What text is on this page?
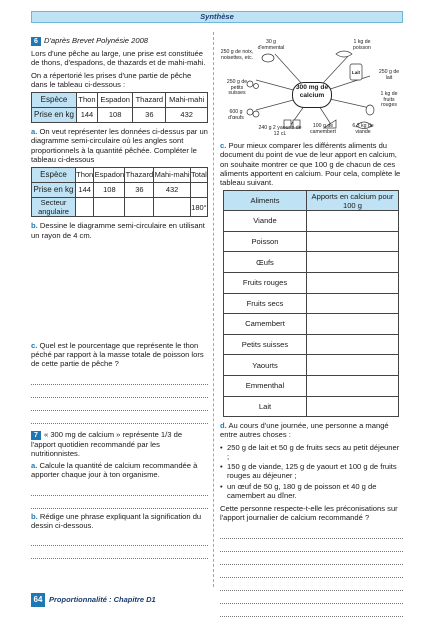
Synthèse

6 D'après Brevet Polynésie 2008

Lors d'une pêche au large, une prise est constituée de thons, d'espadons, de thazards et de mahi-mahi.

On a répertorié les prises d'une partie de pêche dans le tableau ci-dessous :

Espèce	Thon	Espadon	Thazard	Mahi-mahi
Prise en kg	144	108	36	432

a. On veut représenter les données ci-dessus par un diagramme semi-circulaire où les angles sont proportionnels à la quantité pêchée. Compléter le tableau ci-dessous

Espèce	Thon	Espadon	Thazard	Mahi-mahi	Total
Prise en kg	144	108	36	432	
Secteur angulaire					180°

b. Dessine le diagramme semi-circulaire en utilisant un rayon de 4 cm.

c. Quel est le pourcentage que représente le thon péché par rapport à la masse totale de poisson lors de cette partie de pêche ?

7 « 300 mg de calcium » représente 1/3 de l'apport quotidien recommandé par les nutritionnistes.

a. Calcule la quantité de calcium recommandée à apporter chaque jour à ton organisme.

b. Rédige une phrase expliquant la signification du dessin ci-dessous.

300 mg de calcium
30 g d'emmental
1 kg de poisson
250 g de noix, noisettes, etc.
250 g de petits suisses
250 g de lait
1 kg de fruits rouges
600 g d'œufs
240 g 2 yaourts de 12 cL
100 g de camembert
6,3 kg de viande
Lait

c. Pour mieux comparer les différents aliments du document du point de vue de leur apport en calcium, on souhaite montrer ce que 100 g de chacun de ces aliments apportent en calcium. Pour cela, complète le tableau suivant.

Aliments	Apports en calcium pour 100 g
Viande	
Poisson	
Œufs	
Fruits rouges	
Fruits secs	
Camembert	
Petits suisses	
Yaourts	
Emmenthal	
Lait	

d. Au cours d'une journée, une personne a mangé entre autres choses :

• 250 g de lait et 50 g de fruits secs au petit déjeuner ;
• 150 g de viande, 125 g de yaourt et 100 g de fruits rouges au déjeuner ;
• un œuf de 50 g, 180 g de poisson et 40 g de camembert au dîner.

Cette personne respecte-t-elle les préconisations sur l'apport journalier de calcium recommandé ?

64 Proportionnalité : Chapitre D1
